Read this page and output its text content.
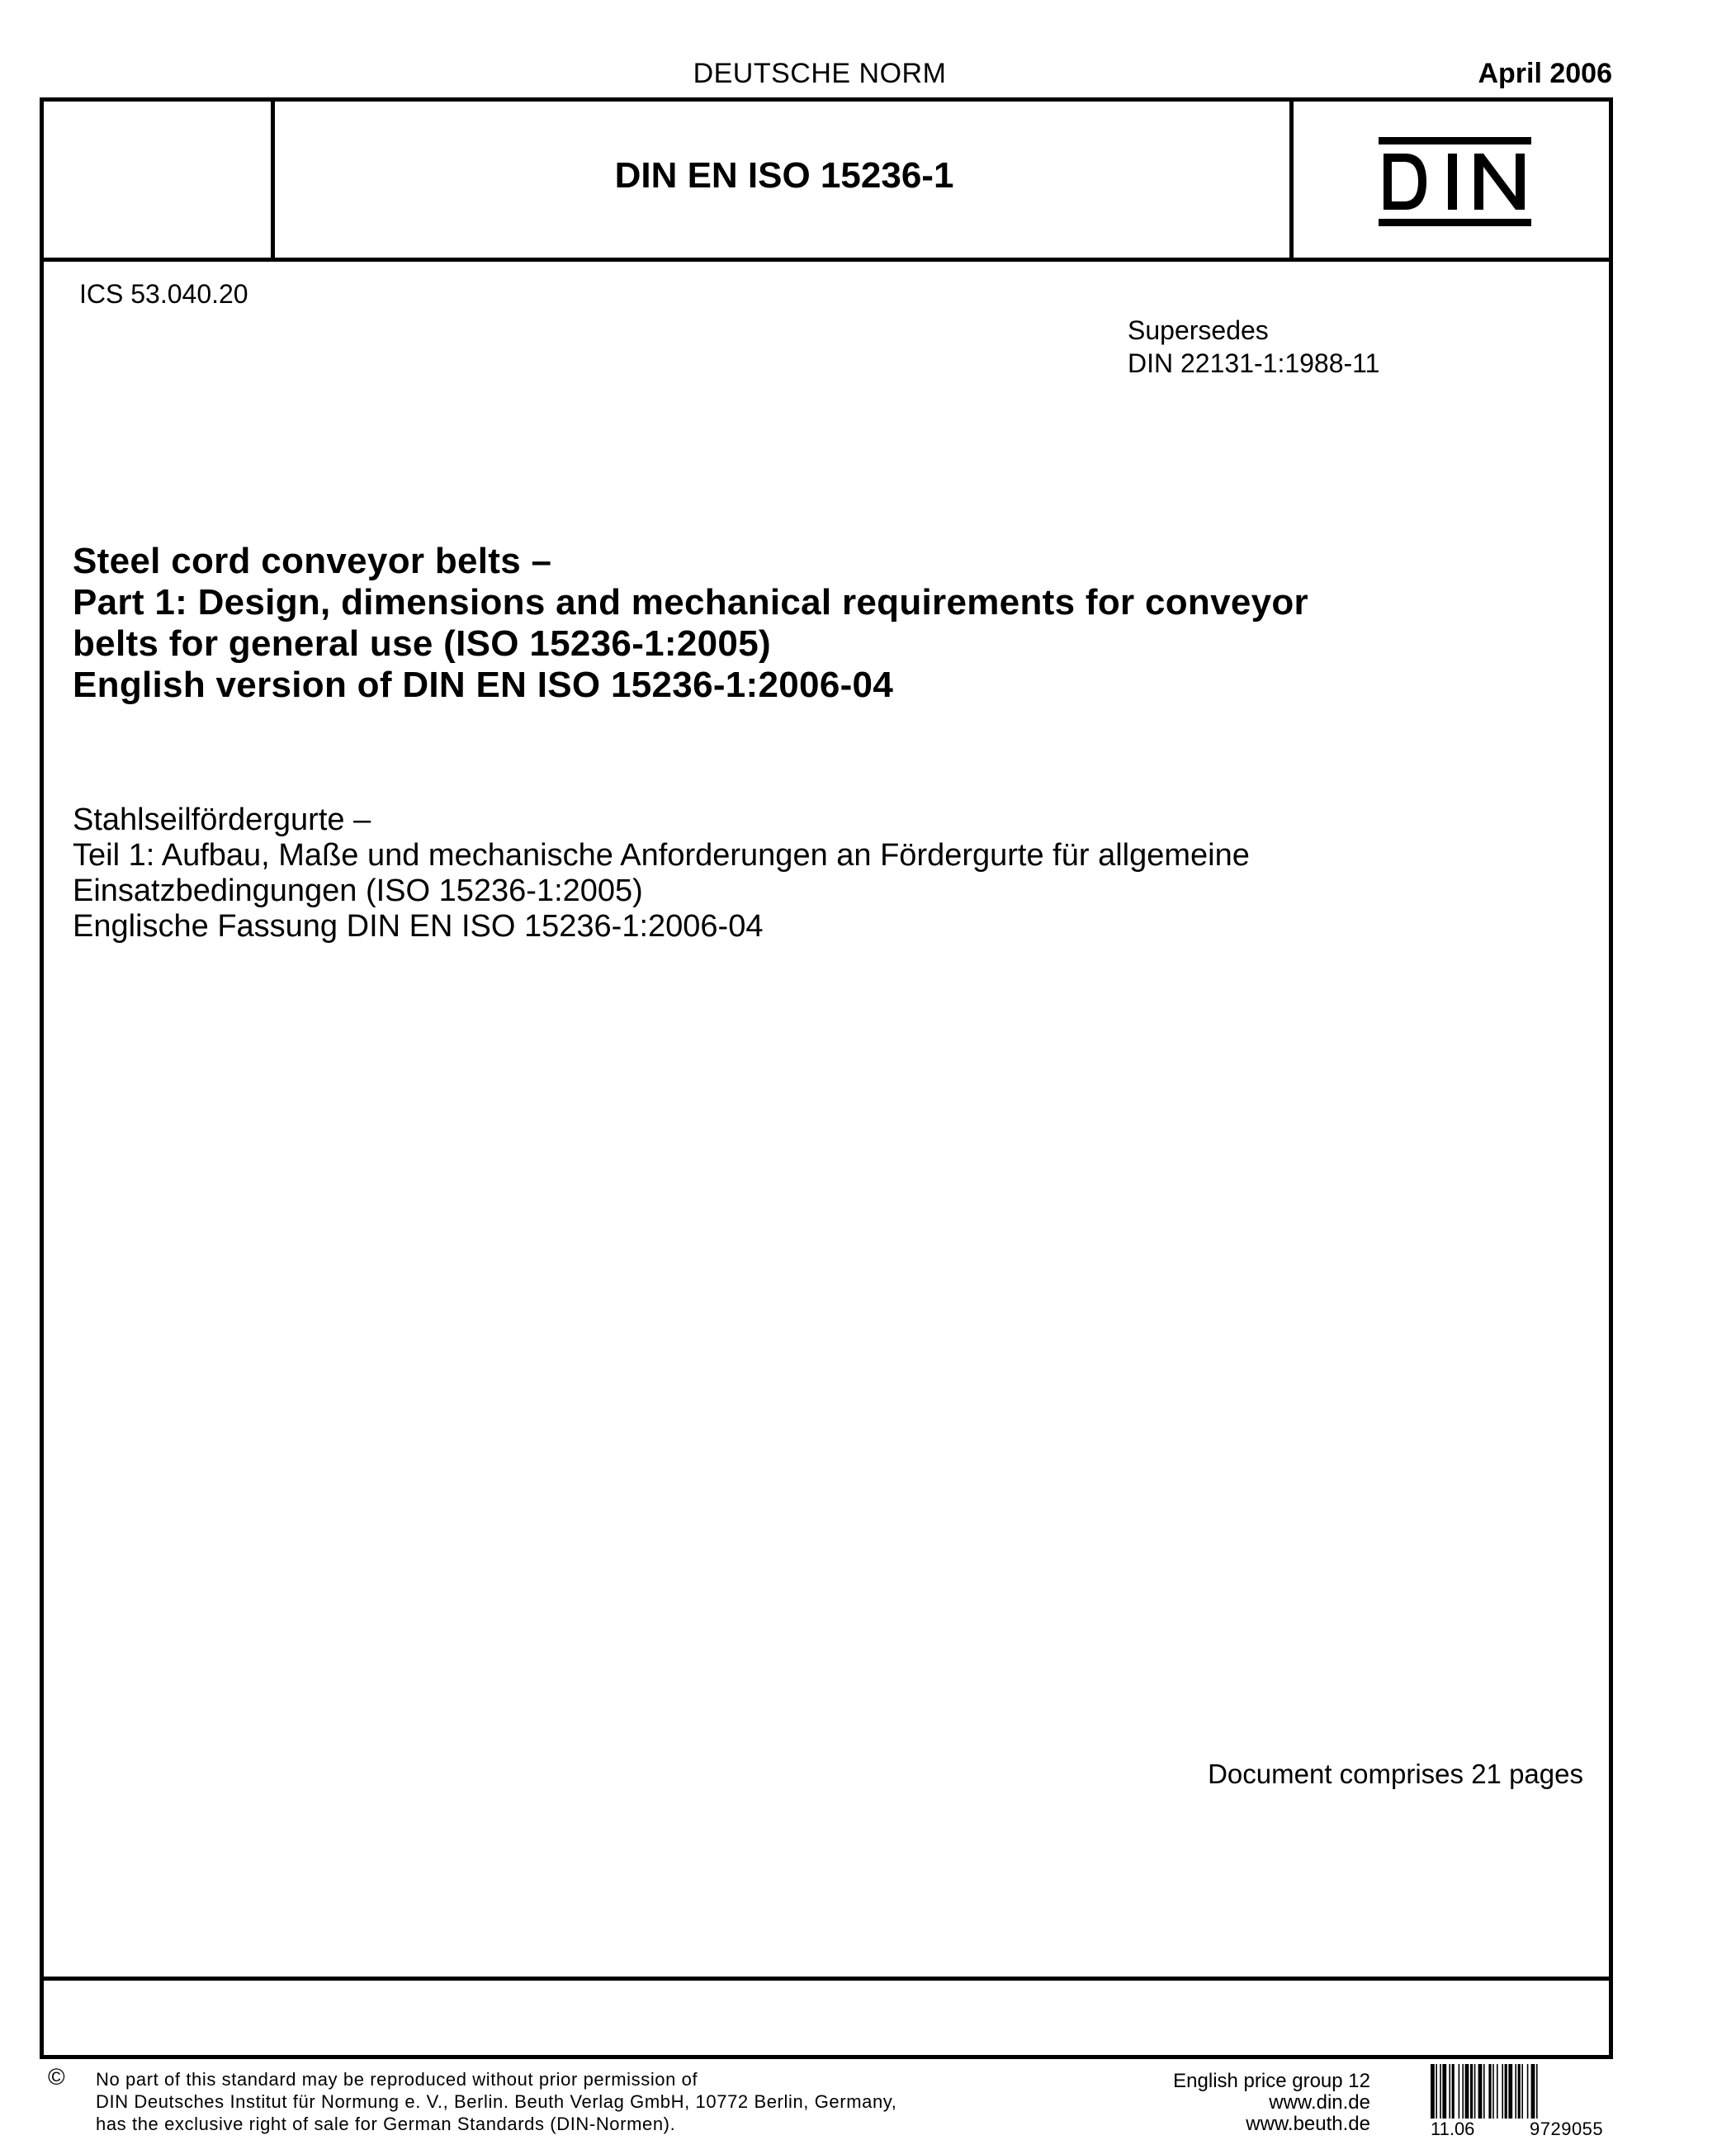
DEUTSCHE NORM	April 2006
DIN EN ISO 15236-1
ICS 53.040.20
Supersedes
DIN 22131-1:1988-11
Steel cord conveyor belts –
Part 1: Design, dimensions and mechanical requirements for conveyor
belts for general use (ISO 15236-1:2005)
English version of DIN EN ISO 15236-1:2006-04
Stahlseilfördergurte –
Teil 1: Aufbau, Maße und mechanische Anforderungen an Fördergurte für allgemeine
Einsatzbedingungen (ISO 15236-1:2005)
Englische Fassung DIN EN ISO 15236-1:2006-04
Document comprises 21 pages
© No part of this standard may be reproduced without prior permission of
DIN Deutsches Institut für Normung e. V., Berlin. Beuth Verlag GmbH, 10772 Berlin, Germany,
has the exclusive right of sale for German Standards (DIN-Normen).
English price group 12
www.din.de
www.beuth.de	11.06	9729055
